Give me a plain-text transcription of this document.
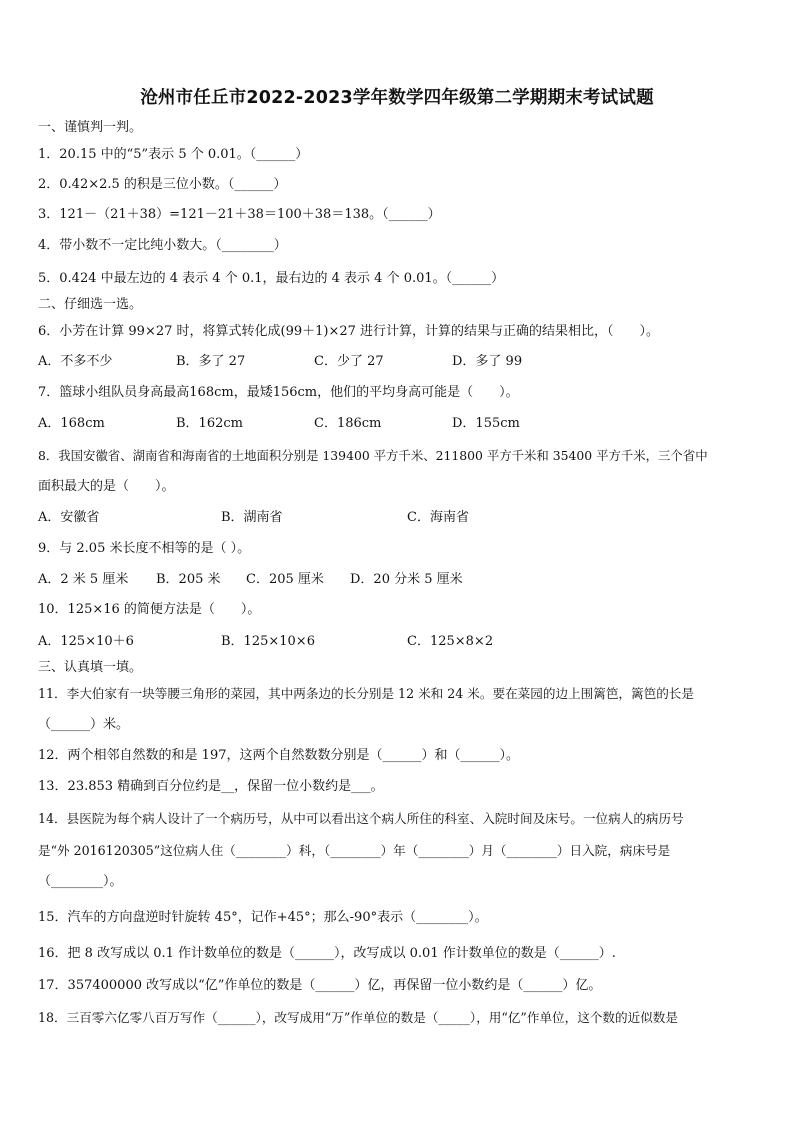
沧州市任丘市2022-2023学年数学四年级第二学期期末考试试题
一、谨慎判一判。
1．20.15 中的“5”表示 5 个 0.01。（______）
2．0.42×2.5 的积是三位小数。（______）
3．121－（21＋38）=121－21＋38＝100＋38＝138。（______）
4．带小数不一定比纯小数大。（________）
5．0.424 中最左边的 4 表示 4 个 0.1，最右边的 4 表示 4 个 0.01。（______）
二、仔细选一选。
6．小芳在计算 99×27 时，将算式转化成(99＋1)×27 进行计算，计算的结果与正确的结果相比，（　　）。
A．不多不少	B．多了 27	C．少了 27	D．多了 99
7．篮球小组队员身高最高168cm，最矮156cm，他们的平均身高可能是（　　）。
A．168cm	B．162cm	C．186cm	D．155cm
8．我国安徽省、湖南省和海南省的土地面积分别是 139400 平方千米、211800 平方千米和 35400 平方千米，三个省中
面积最大的是（　　）。
A．安徽省	B．湖南省	C．海南省
9．与 2.05 米长度不相等的是（ ）。
A．2 米 5 厘米 B．205 米 C．205 厘米 D．20 分米 5 厘米
10．125×16 的简便方法是（　　）。
A．125×10＋6	B．125×10×6	C．125×8×2
三、认真填一填。
11．李大伯家有一块等腰三角形的菜园，其中两条边的长分别是 12 米和 24 米。要在菜园的边上围篱笆，篱笆的长是
（______）米。
12．两个相邻自然数的和是 197，这两个自然数数分别是（______）和（______）。
13．23.853 精确到百分位约是__，保留一位小数约是___。
14．县医院为每个病人设计了一个病历号，从中可以看出这个病人所住的科室、入院时间及床号。一位病人的病历号
是“外 2016120305”这位病人住（________）科，（________）年（________）月（________）日入院，病床号是
（________）。
15．汽车的方向盘逆时针旋转 45°，记作+45°；那么-90°表示（________）。
16．把 8 改写成以 0.1 作计数单位的数是（______），改写成以 0.01 作计数单位的数是（______）.
17．357400000 改写成以“亿”作单位的数是（______）亿，再保留一位小数约是（______）亿。
18．三百零六亿零八百万写作（______），改写成用“万”作单位的数是（_____），用“亿”作单位，这个数的近似数是
